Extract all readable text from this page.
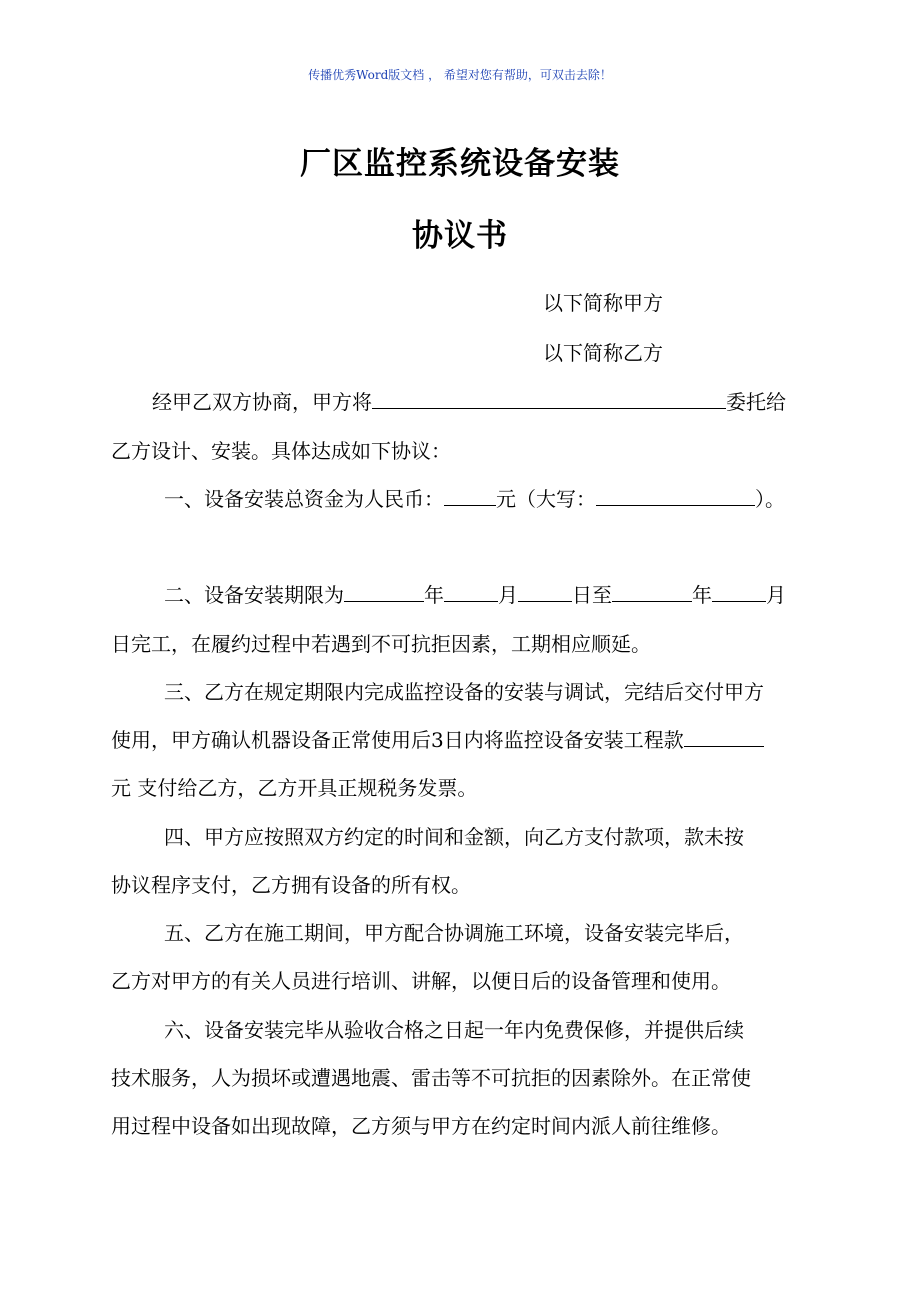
传播优秀Word版文档 ， 希望对您有帮助，可双击去除！
厂区监控系统设备安装
协议书
以下简称甲方
以下简称乙方
经甲乙双方协商，甲方将	委托给
乙方设计、安装。具体达成如下协议：
一、设备安装总资金为人民币：	元（大写：	）。
二、设备安装期限为	年	月	日至	年	月
日完工，在履约过程中若遇到不可抗拒因素，工期相应顺延。
三、乙方在规定期限内完成监控设备的安装与调试，完结后交付甲方
使用，甲方确认机器设备正常使用后3日内将监控设备安装工程款
元 支付给乙方，乙方开具正规税务发票。
四、甲方应按照双方约定的时间和金额，向乙方支付款项，款未按
协议程序支付，乙方拥有设备的所有权。
五、乙方在施工期间，甲方配合协调施工环境，设备安装完毕后，
乙方对甲方的有关人员进行培训、讲解，以便日后的设备管理和使用。
六、设备安装完毕从验收合格之日起一年内免费保修，并提供后续
技术服务，人为损坏或遭遇地震、雷击等不可抗拒的因素除外。在正常使
用过程中设备如出现故障，乙方须与甲方在约定时间内派人前往维修。
